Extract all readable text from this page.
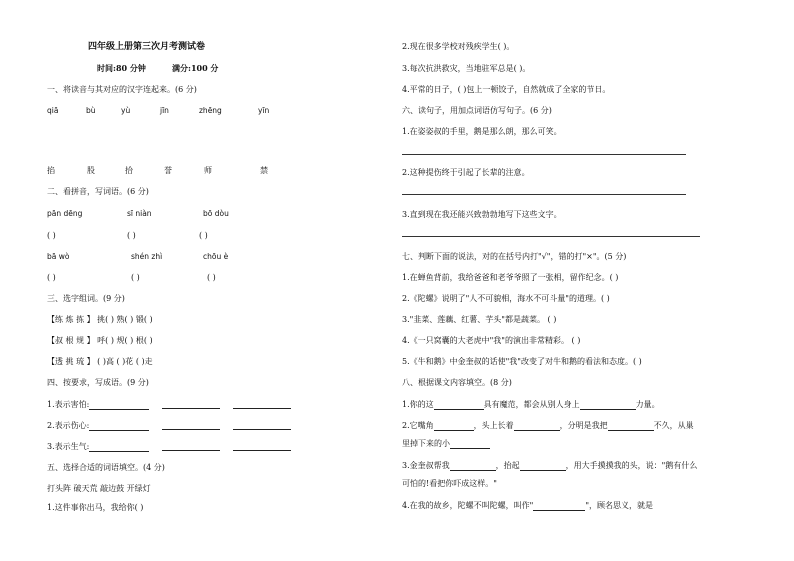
四年级上册第三次月考测试卷
时间:80 分钟	满分:100 分
一、将读音与其对应的汉字连起来。(6 分)
qiā	bù	yù	jīn	zhēng	yīn
掐	股	拾	誉	师	禁
二、看拼音，写词语。(6 分)
pān dēng	sī niàn	bō dòu
( )	( )	( )
bā wò	shén zhì	chōu è
( )	( )	( )
三、选字组词。(9 分)
【练 炼 拣 】 挑( ) 熟( ) 锻( )
【叔 根 规 】 呼( ) 规( ) 根( )
【透 挑 琉 】 ( )高 ( )花 ( )走
四、按要求，写成语。(9 分)
1.表示害怕:
2.表示伤心:
3.表示生气:
五、选择合适的词语填空。(4 分)
打头阵 破天荒 敲边鼓 开绿灯
1.这件事你出马，我给你( )
2.现在很多学校对残疾学生( )。
3.每次抗洪救灾，当地驻军总是( )。
4.平常的日子，( )包上一顿饺子，自然就成了全家的节日。
六、读句子，用加点词语仿写句子。(6 分)
1.在姿姿叔的手里，鹅是那么朗，那么可笑。
2.这种提伤终于引起了长辈的注意。
3.直到现在我还能兴致勃勃地写下这些文字。
七、判断下面的说法，对的在括号内打"√"，错的打"×"。(5 分)
1.在蝉鱼背前，我给爸爸和老爷爷照了一张相，留作纪念。( )
2.《陀螺》说明了"人不可貌相，海水不可斗量"的道理。( )
3."韭菜、莲藕、红薯、芋头"都是蔬菜。 ( )
4.《一只窝囊的大老虎中"我"的演出非常精彩。 ( )
5.《牛和鹅》中金奎叔的话使"我"改变了对牛和鹅的看法和态度。( )
八、根据课文内容填空。(8 分)
1.你的这	具有魔范，都会从别人身上	力量。
2.它嘴角	，头上长着	，分明是我把	不久，从巢
里掉下来的小
3.金奎叔帮我	，抬起	，用大手摸摸我的头，说："鹅有什么
可怕的!看把你吓成这样。"
4.在我的故乡，陀螺不叫陀螺，叫作"	"，顾名思义，就是
